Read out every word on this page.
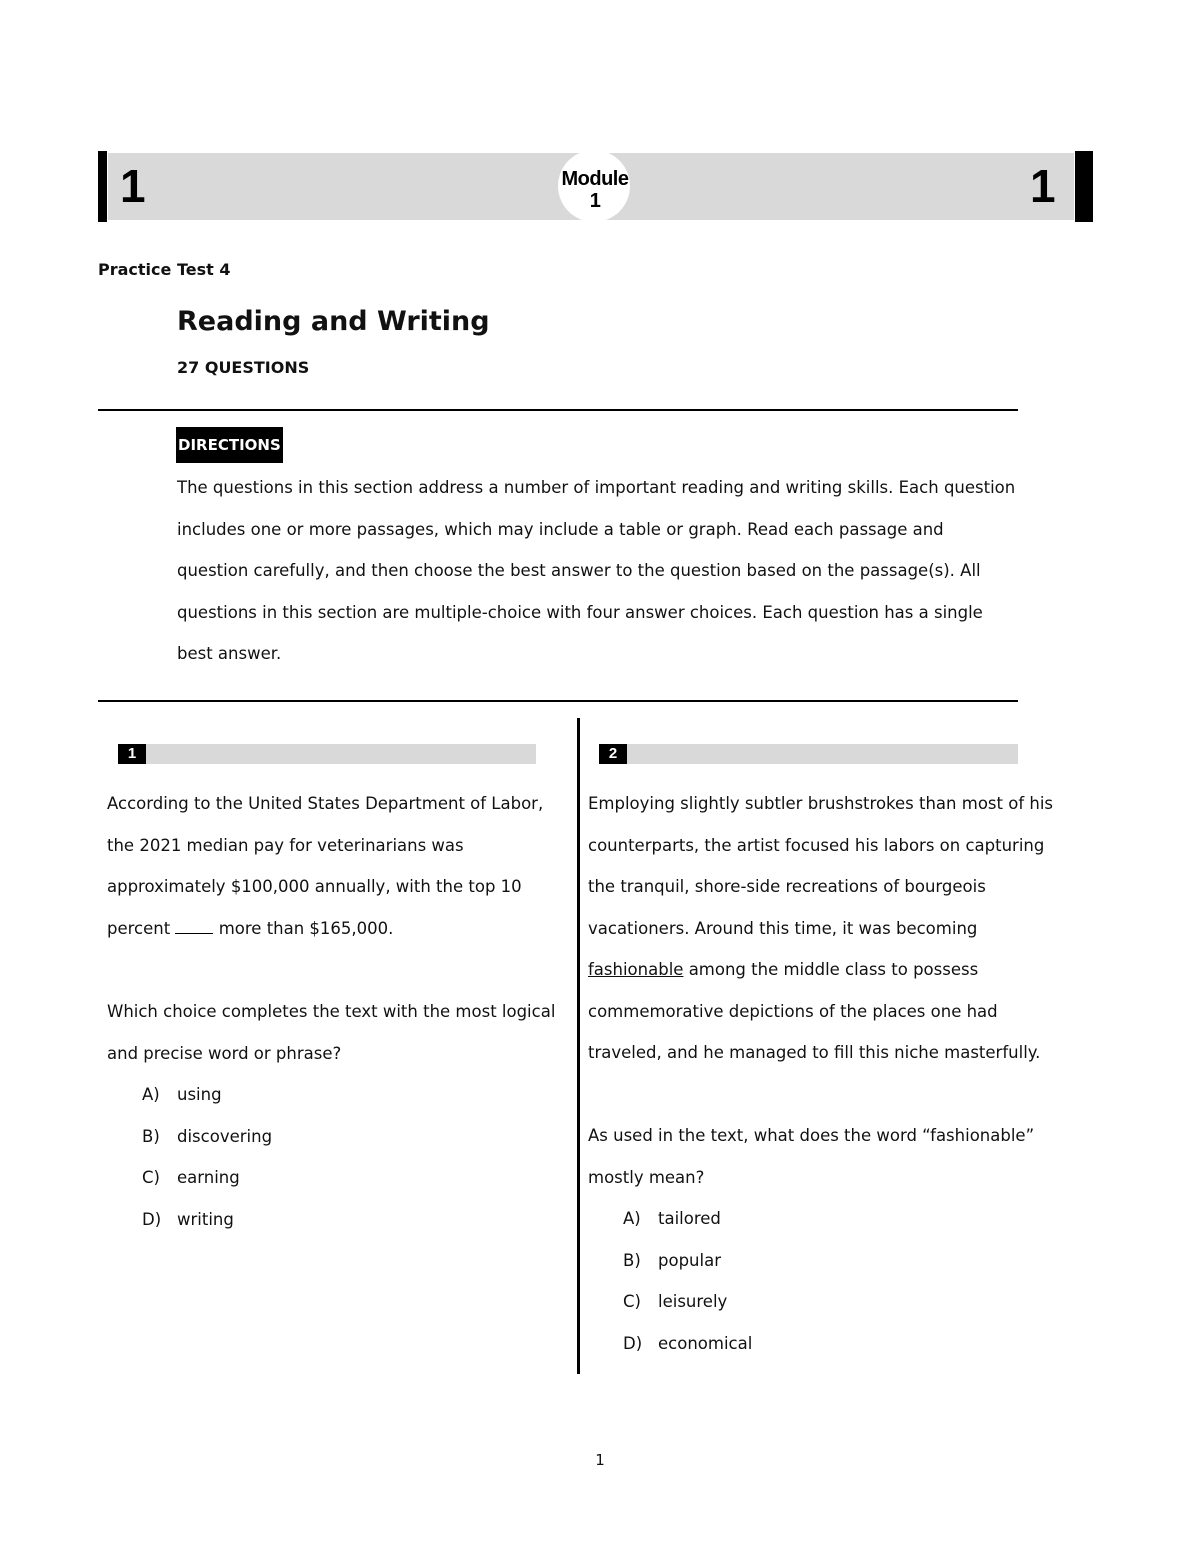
1	1
Module
1
Practice Test 4
Reading and Writing
27 QUESTIONS
DIRECTIONS

The questions in this section address a number of important reading and writing skills. Each question includes one or more passages, which may include a table or graph. Read each passage and question carefully, and then choose the best answer to the question based on the passage(s). All questions in this section are multiple-choice with four answer choices. Each question has a single best answer.

1

According to the United States Department of Labor, the 2021 median pay for veterinarians was approximately $100,000 annually, with the top 10 percent	more than $165,000.

Which choice completes the text with the most logical and precise word or phrase?

A) using
B) discovering
C) earning
D) writing
2

Employing slightly subtler brushstrokes than most of his counterparts, the artist focused his labors on capturing the tranquil, shore-side recreations of bourgeois vacationers. Around this time, it was becoming fashionable among the middle class to possess commemorative depictions of the places one had traveled, and he managed to fill this niche masterfully.

As used in the text, what does the word “fashionable” mostly mean?

A) tailored
B) popular
C) leisurely
D) economical
1
